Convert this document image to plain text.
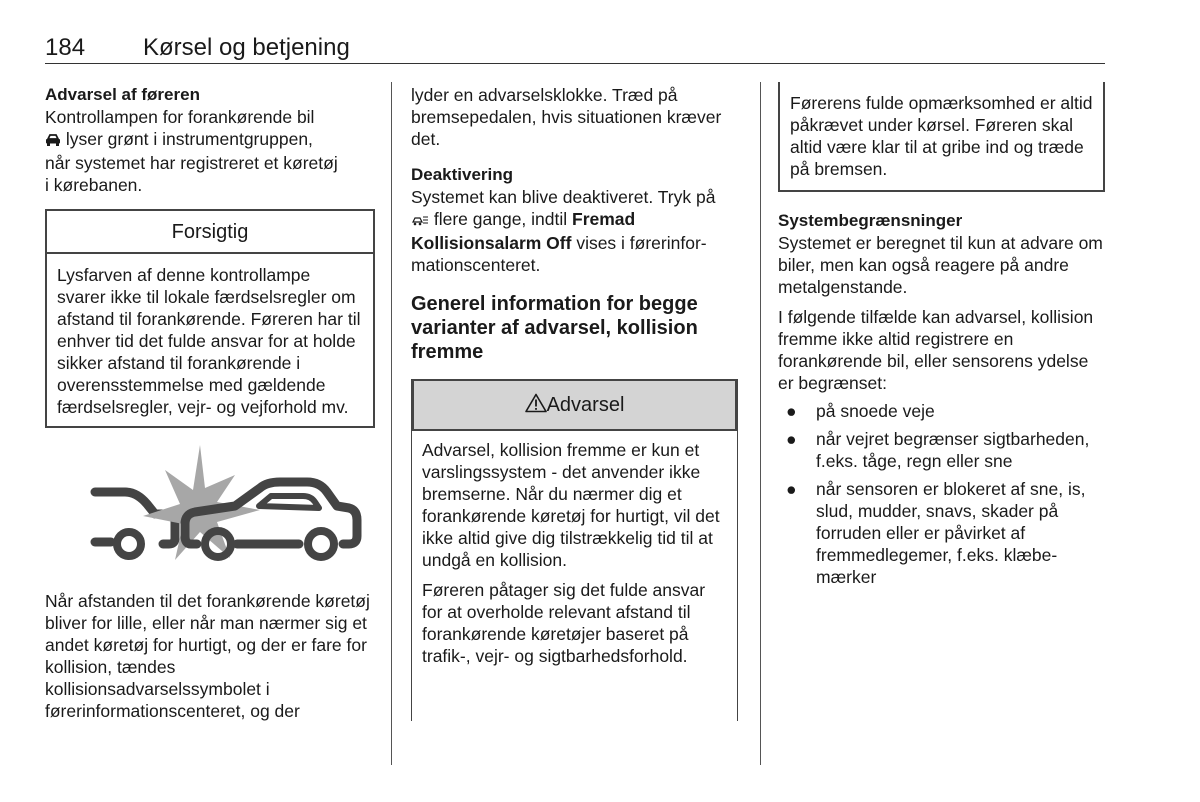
184 Kørsel og betjening

Advarsel af føreren

Kontrollampen for forankørende bil
lyser grønt i instrumentgruppen,
når systemet har registreret et køretøj
i kørebanen.

Forsigtig
Lysfarven af denne kontrollampe svarer ikke til lokale færdselsregler om afstand til forankørende. Føreren har til enhver tid det fulde ansvar for at holde sikker afstand til forankørende i overensstemmelse med gældende færdselsregler, vejr- og vejforhold mv.

Når afstanden til det forankørende køretøj bliver for lille, eller når man nærmer sig et andet køretøj for hurtigt, og der er fare for kollision, tændes kollisionsadvarselssymbolet i førerinformationscenteret, og der

lyder en advarselsklokke. Træd på bremsepedalen, hvis situationen kræver det.

Deaktivering

Systemet kan blive deaktiveret. Tryk på  flere gange, indtil Fremad Kollisionsalarm Off vises i førerinformationscenteret.

Generel information for begge varianter af advarsel, kollision fremme

Advarsel

Advarsel, kollision fremme er kun et varslingssystem - det anvender ikke bremserne. Når du nærmer dig et forankørende køretøj for hurtigt, vil det ikke altid give dig tilstrækkelig tid til at undgå en kollision.

Føreren påtager sig det fulde ansvar for at overholde relevant afstand til forankørende køretøjer baseret på trafik-, vejr- og sigtbarhedsforhold.

Førerens fulde opmærksomhed er altid påkrævet under kørsel. Føreren skal altid være klar til at gribe ind og træde på bremsen.

Systembegrænsninger

Systemet er beregnet til kun at advare om biler, men kan også reagere på andre metalgenstande.

I følgende tilfælde kan advarsel, kollision fremme ikke altid registrere en forankørende bil, eller sensorens ydelse er begrænset:

● på snoede veje
● når vejret begrænser sigtbarheden, f.eks. tåge, regn eller sne
● når sensoren er blokeret af sne, is, slud, mudder, snavs, skader på forruden eller er påvirket af fremmedlegemer, f.eks. klæbemærker
